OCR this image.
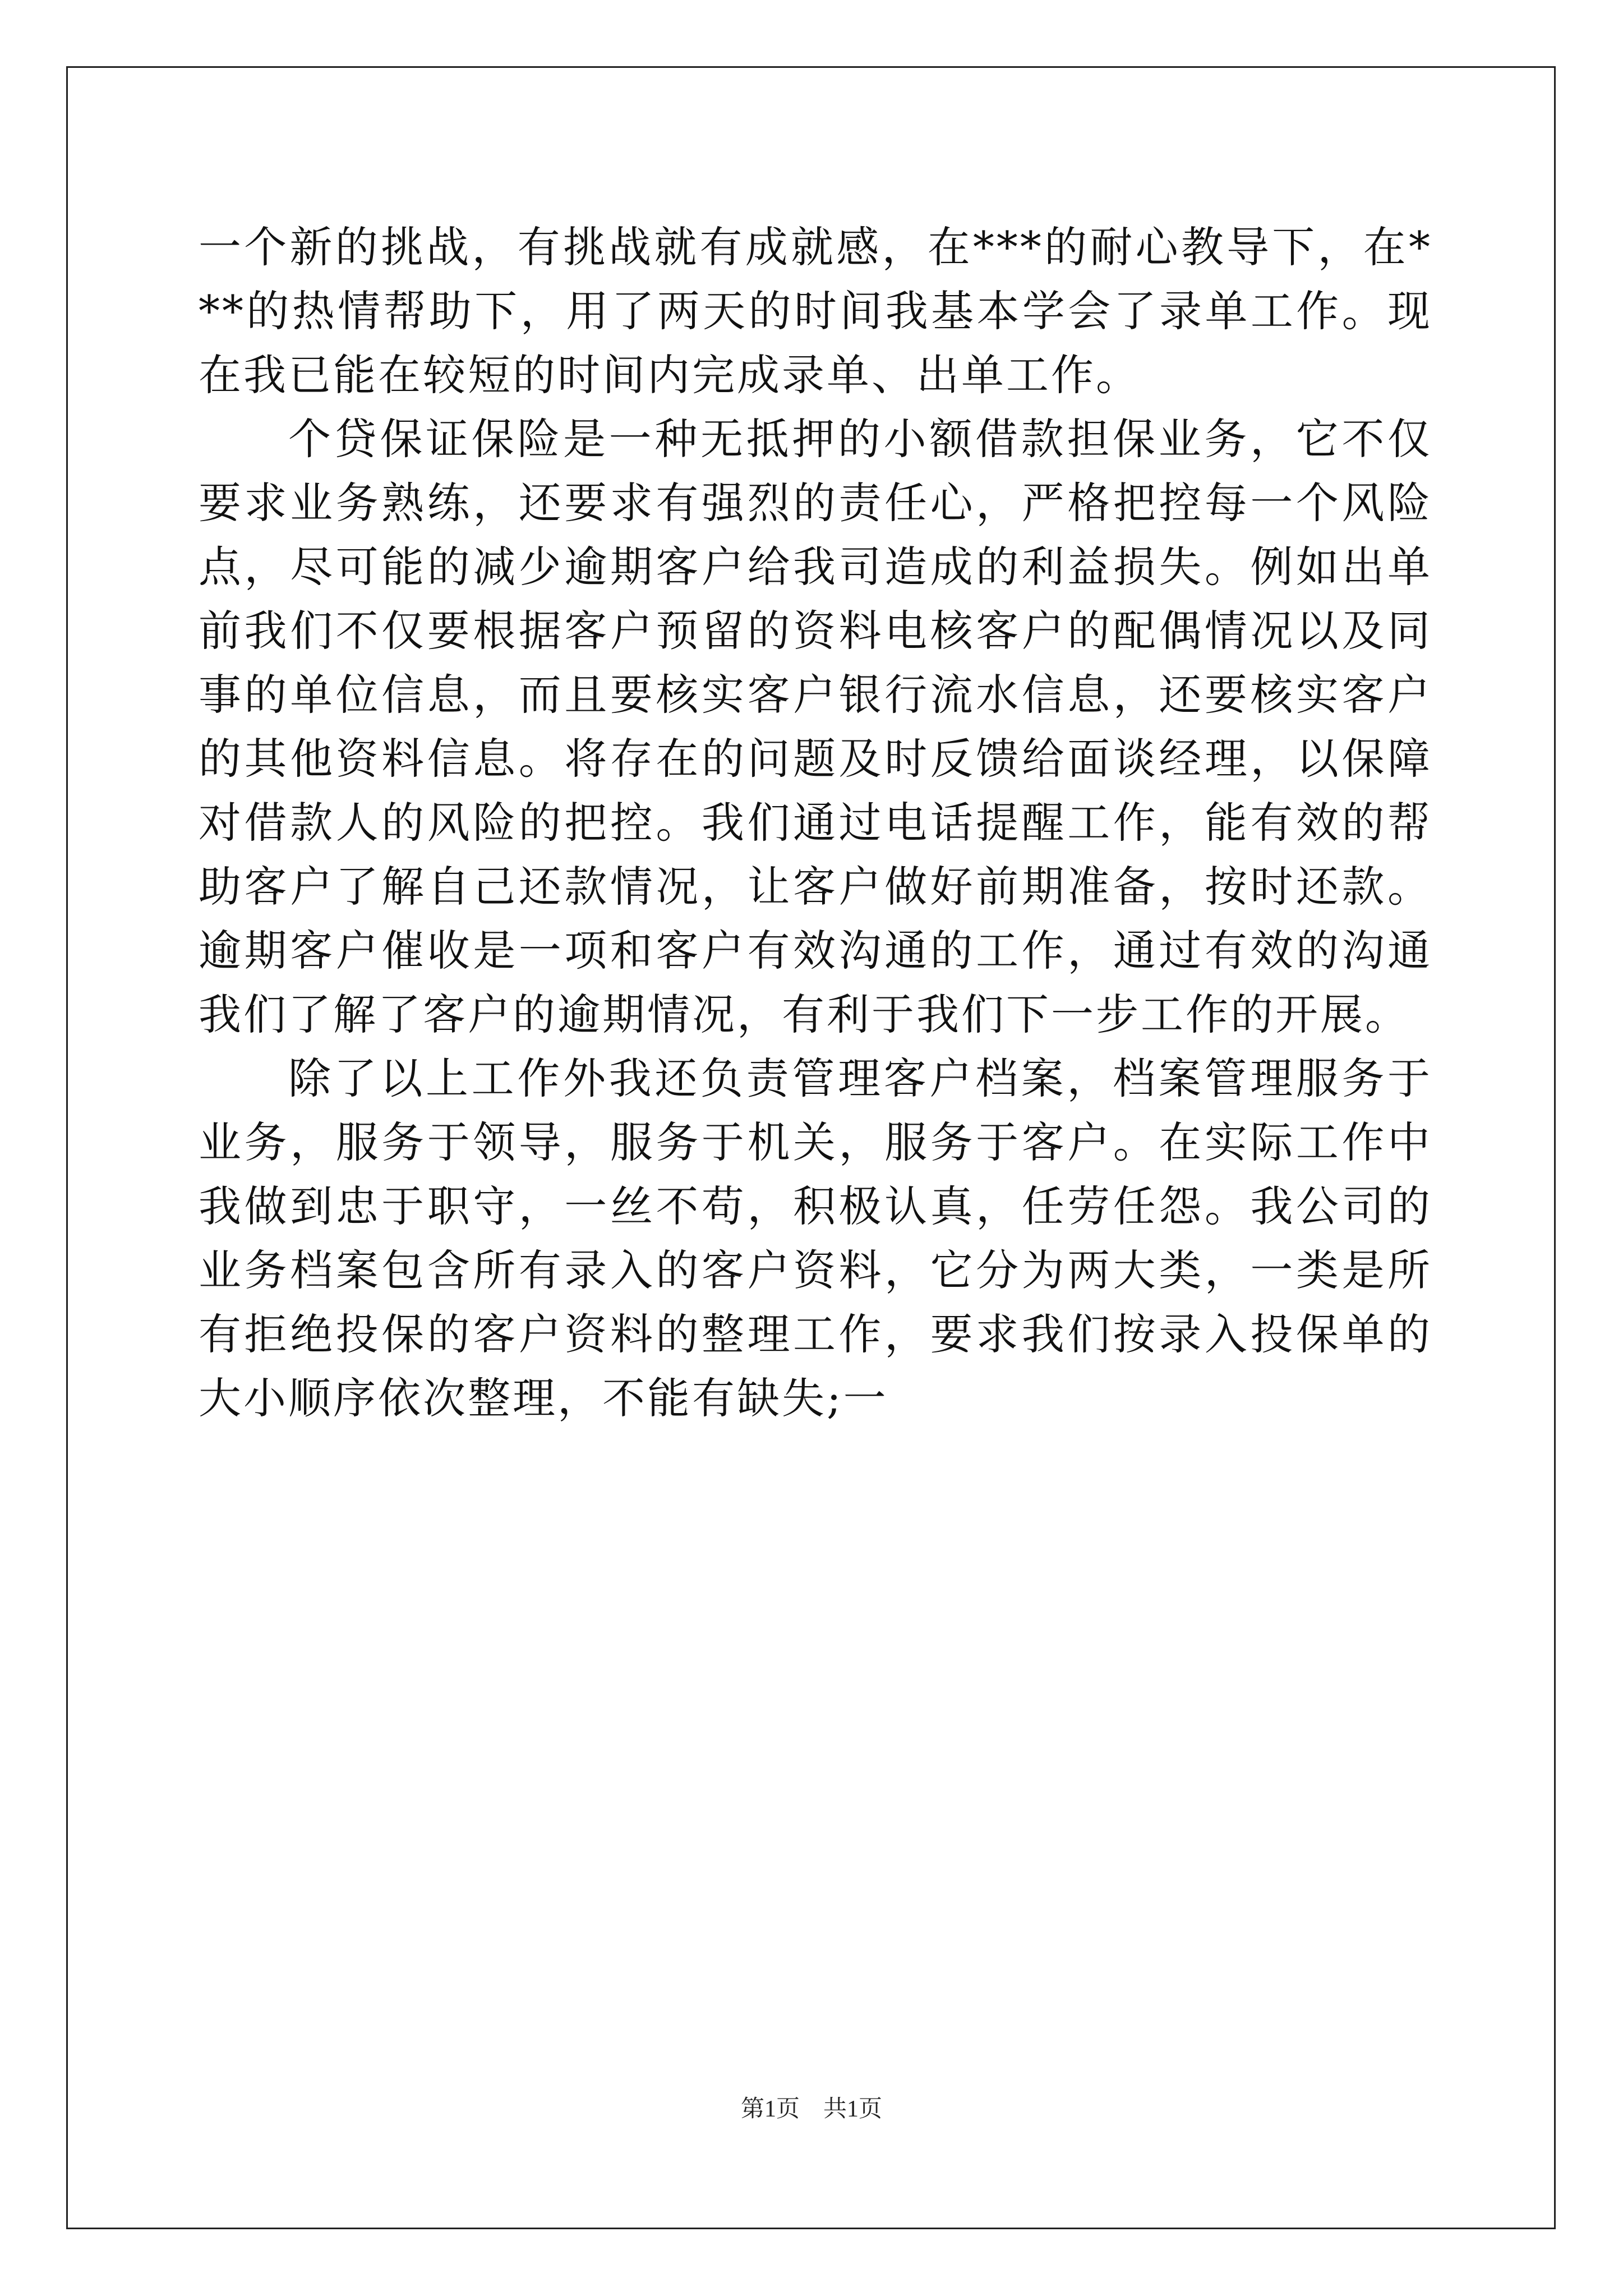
一个新的挑战，有挑战就有成就感，在***的耐心教导下，在***的热情帮助下，用了两天的时间我基本学会了录单工作。现在我已能在较短的时间内完成录单、出单工作。

个贷保证保险是一种无抵押的小额借款担保业务，它不仅要求业务熟练，还要求有强烈的责任心，严格把控每一个风险点，尽可能的减少逾期客户给我司造成的利益损失。例如出单前我们不仅要根据客户预留的资料电核客户的配偶情况以及同事的单位信息，而且要核实客户银行流水信息，还要核实客户的其他资料信息。将存在的问题及时反馈给面谈经理，以保障对借款人的风险的把控。我们通过电话提醒工作，能有效的帮助客户了解自己还款情况，让客户做好前期准备，按时还款。逾期客户催收是一项和客户有效沟通的工作，通过有效的沟通我们了解了客户的逾期情况，有利于我们下一步工作的开展。

除了以上工作外我还负责管理客户档案，档案管理服务于业务，服务于领导，服务于机关，服务于客户。在实际工作中我做到忠于职守，一丝不苟，积极认真，任劳任怨。我公司的业务档案包含所有录入的客户资料，它分为两大类，一类是所有拒绝投保的客户资料的整理工作，要求我们按录入投保单的大小顺序依次整理，不能有缺失;一

第1页　共1页
